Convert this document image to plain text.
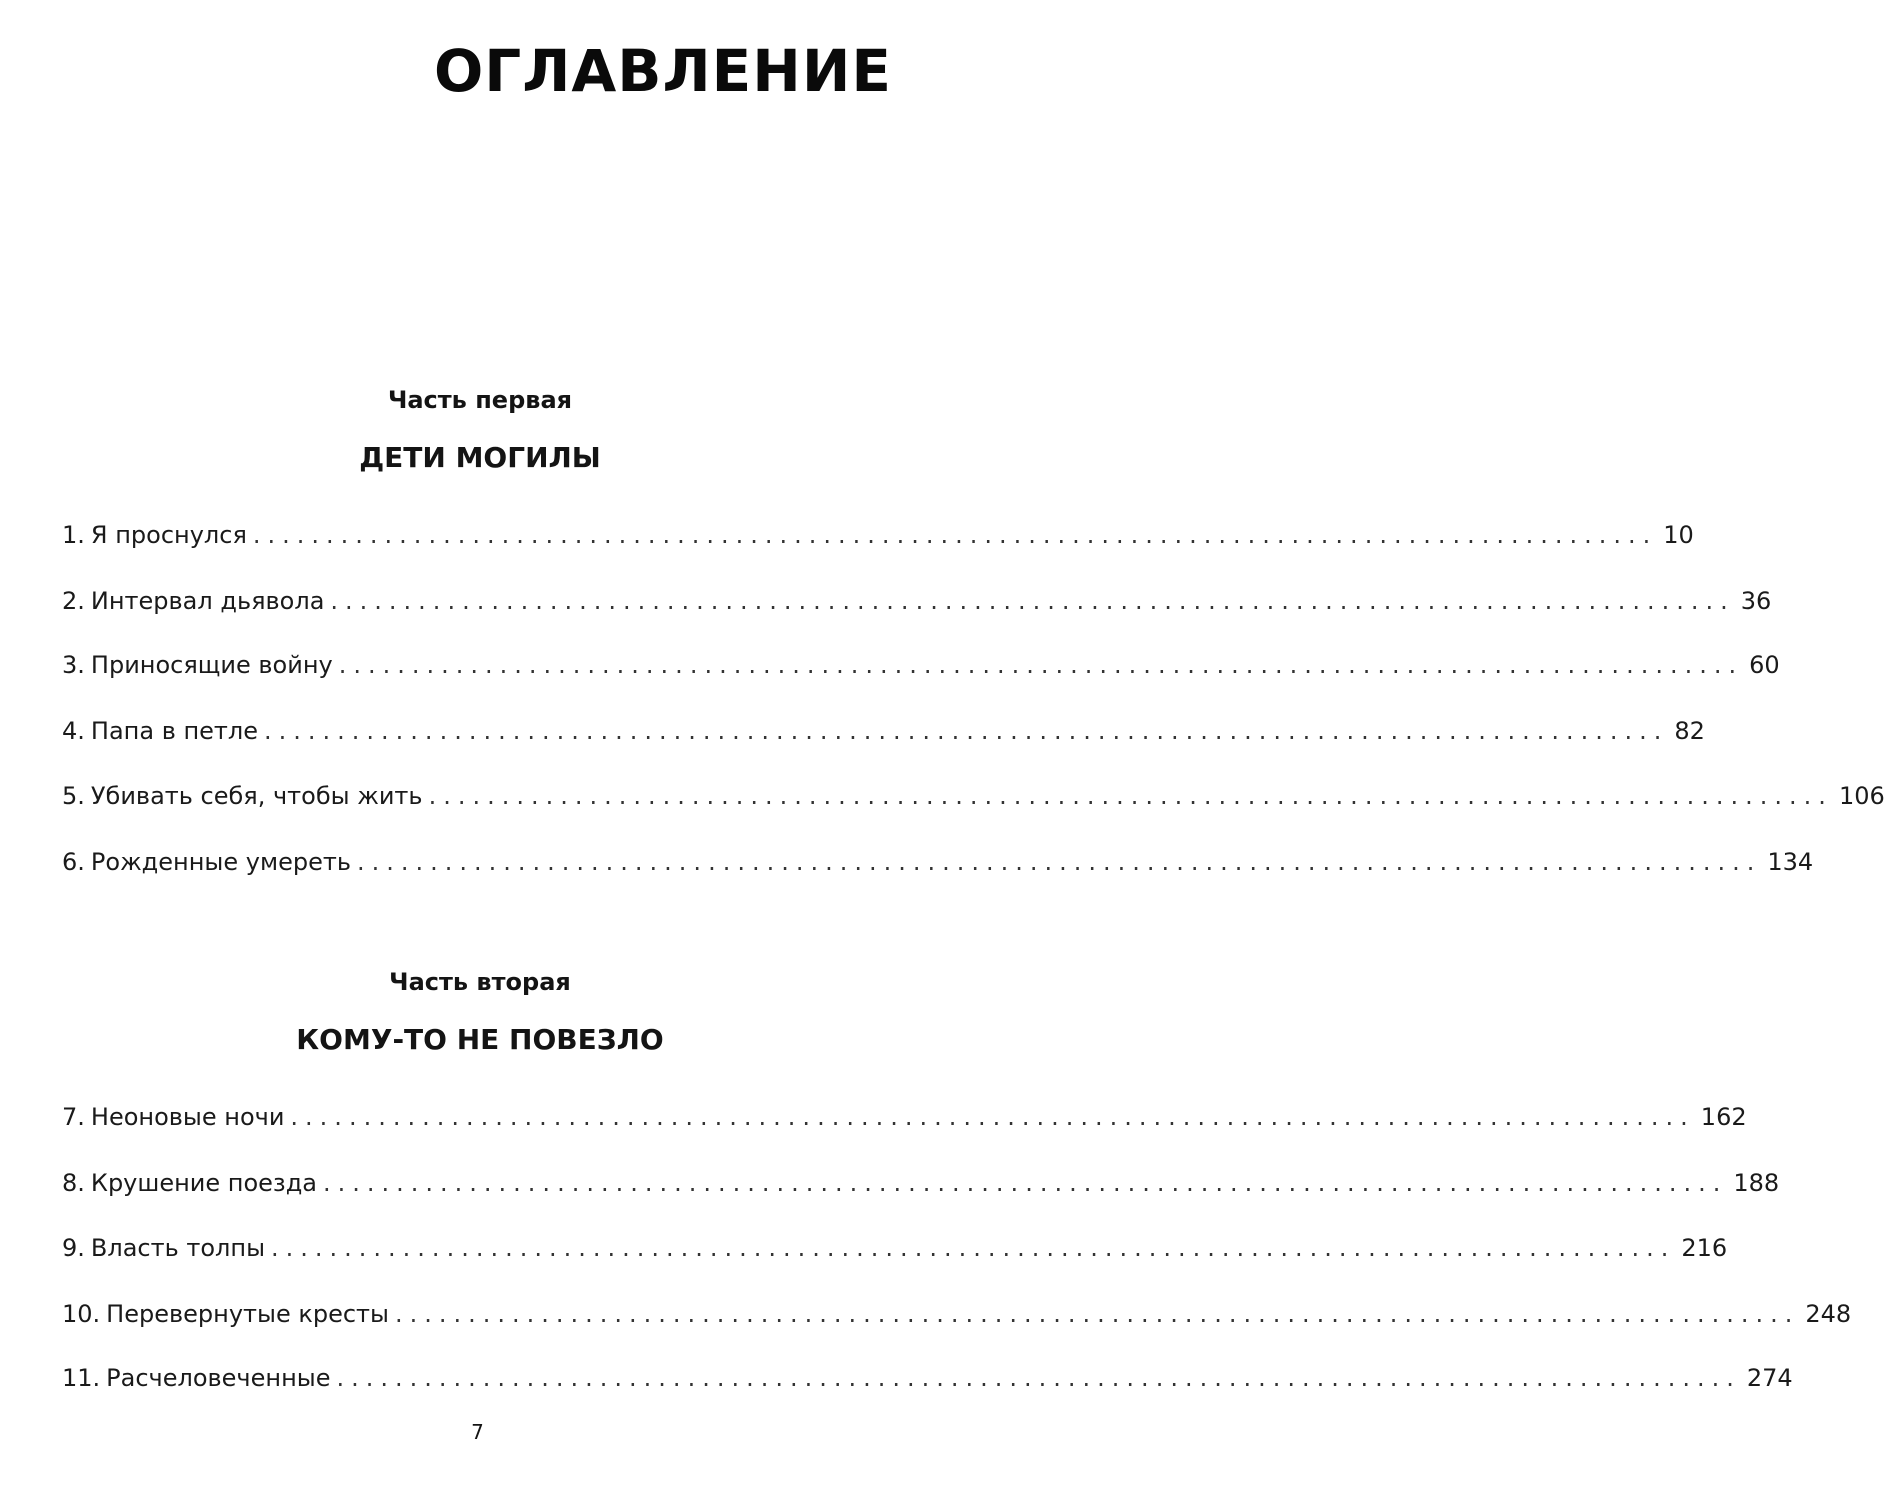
ОГЛАВЛЕНИЕ
Часть первая
ДЕТИ МОГИЛЫ
1. Я проснулся ................................................................................................ 10
2. Интервал дьявола ................................................................................................ 36
3. Приносящие войну ................................................................................................ 60
4. Папа в петле ................................................................................................ 82
5. Убивать себя, чтобы жить ................................................................................................ 106
6. Рожденные умереть ................................................................................................ 134
Часть вторая
КОМУ-ТО НЕ ПОВЕЗЛО
7. Неоновые ночи ................................................................................................ 162
8. Крушение поезда ................................................................................................ 188
9. Власть толпы ................................................................................................ 216
10. Перевернутые кресты ................................................................................................ 248
11. Расчеловеченные ................................................................................................ 274
7
